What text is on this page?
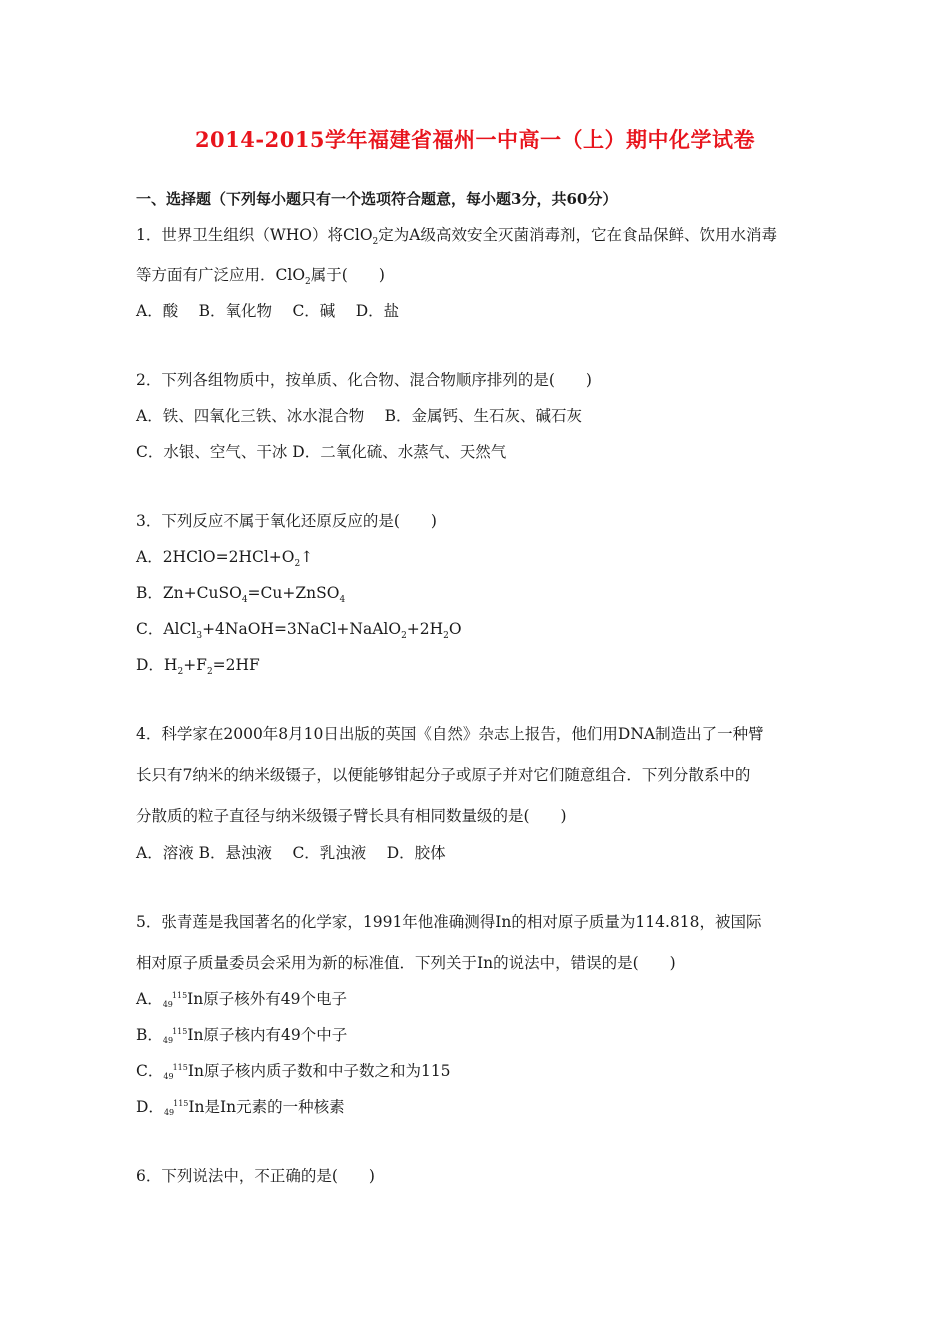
2014-2015学年福建省福州一中高一（上）期中化学试卷
一、选择题（下列每小题只有一个选项符合题意，每小题3分，共60分）
1．世界卫生组织（WHO）将ClO$_2$定为A级高效安全灭菌消毒剂，它在食品保鲜、饮用水消毒
等方面有广泛应用．ClO$_2$属于(　　)
A．酸　 B．氧化物　 C．碱　 D．盐
2．下列各组物质中，按单质、化合物、混合物顺序排列的是(　　)
A．铁、四氧化三铁、冰水混合物　 B．金属钙、生石灰、碱石灰
C．水银、空气、干冰 D．二氧化硫、水蒸气、天然气
3．下列反应不属于氧化还原反应的是(　　)
A．$2HClO=2HCl+O_2↑$
B．Zn+CuSO$_4$=Cu+ZnSO$_4$
C．$AlCl_3+4NaOH=3NaCl+NaAlO_2+2H_2O$
D．$H_2+F_2=2HF$
4．科学家在2000年8月10日出版的英国《自然》杂志上报告，他们用DNA制造出了一种臂
长只有7纳米的纳米级镊子，以便能够钳起分子或原子并对它们随意组合．下列分散系中的
分散质的粒子直径与纳米级镊子臂长具有相同数量级的是(　　)
A．溶液 B．悬浊液　 C．乳浊液　 D．胶体
5．张青莲是我国著名的化学家，1991年他准确测得In的相对原子质量为114.818，被国际
相对原子质量委员会采用为新的标准值．下列关于In的说法中，错误的是(　　)
A．$49^{115}In$原子核外有49个电子
B．$49^{115}In$原子核内有49个中子
C．$49^{115}In$原子核内质子数和中子数之和为115
D．$49^{115}In$是In元素的一种核素
6．下列说法中，不正确的是(　　)
